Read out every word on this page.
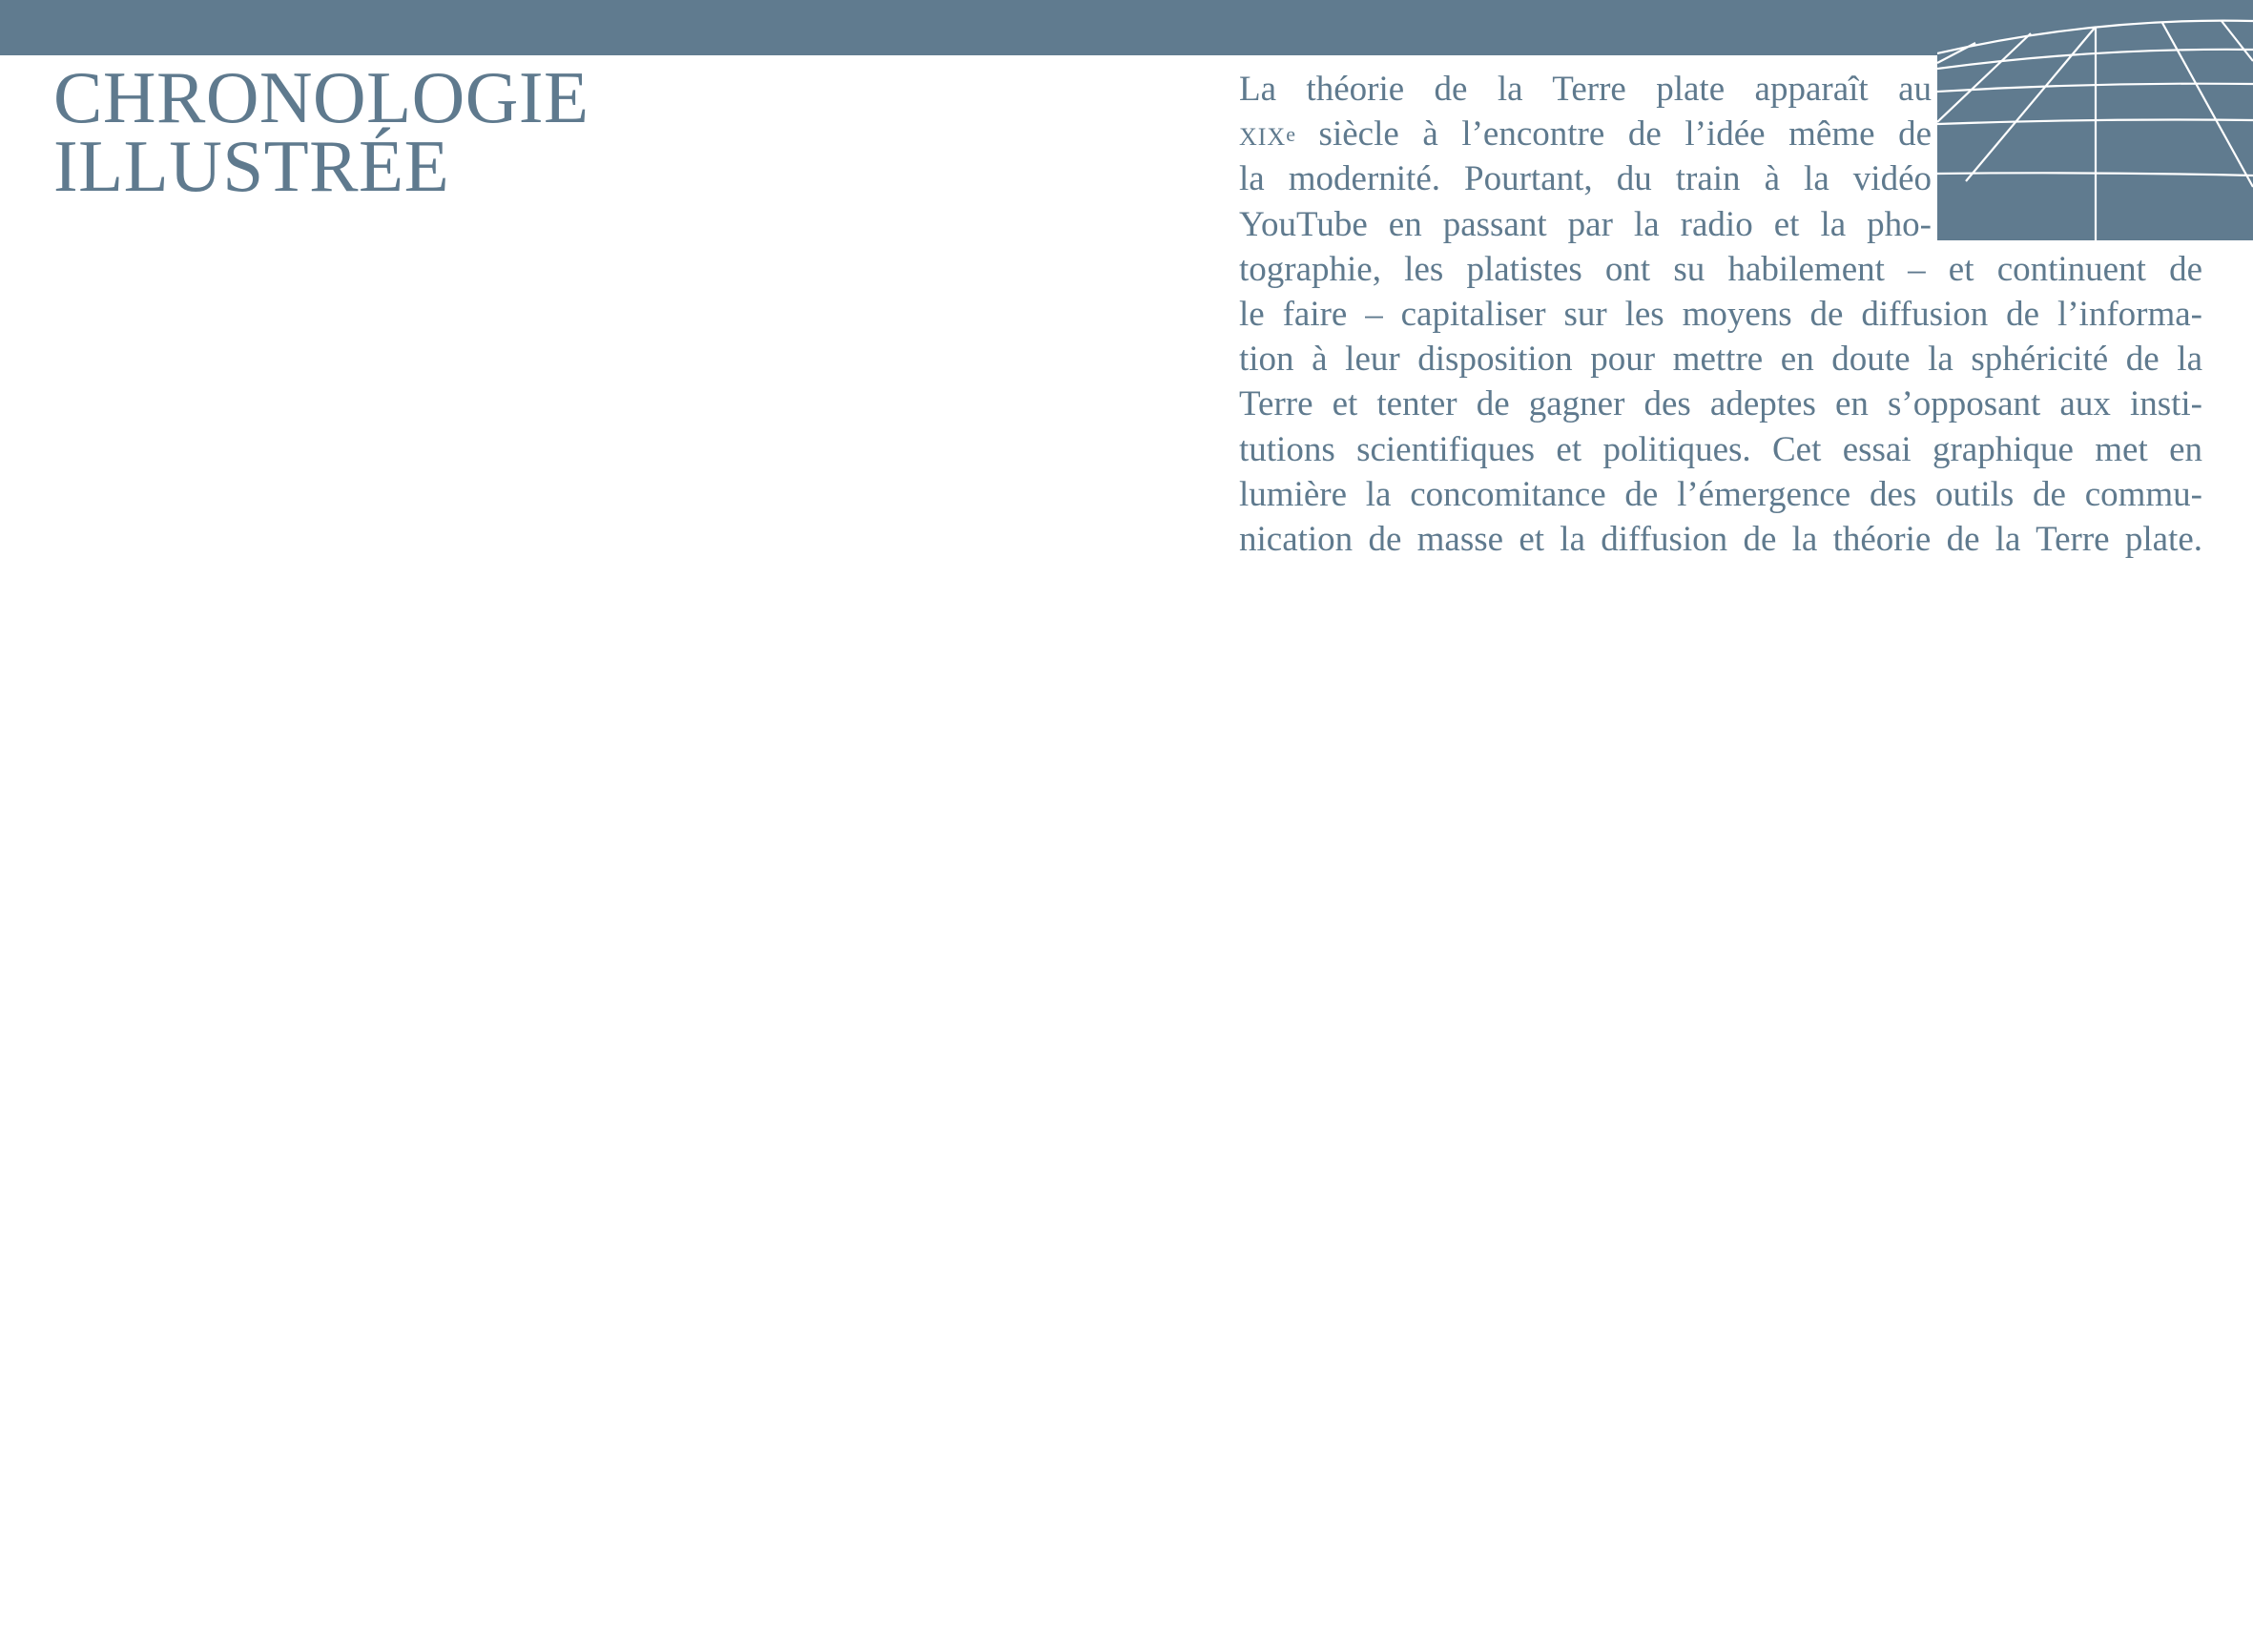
CHRONOLOGIE
ILLUSTRÉE

La théorie de la Terre plate apparaît au
xix$^e$ siècle à l’encontre de l’idée même de
la modernité. Pourtant, du train à la vidéo
YouTube en passant par la radio et la pho-
tographie, les platistes ont su habilement – et continuent de
le faire – capitaliser sur les moyens de diffusion de l’informa-
tion à leur disposition pour mettre en doute la sphéricité de la
Terre et tenter de gagner des adeptes en s’opposant aux insti-
tutions scientifiques et politiques. Cet essai graphique met en
lumière la concomitance de l’émergence des outils de commu-
nication de masse et la diffusion de la théorie de la Terre plate.
